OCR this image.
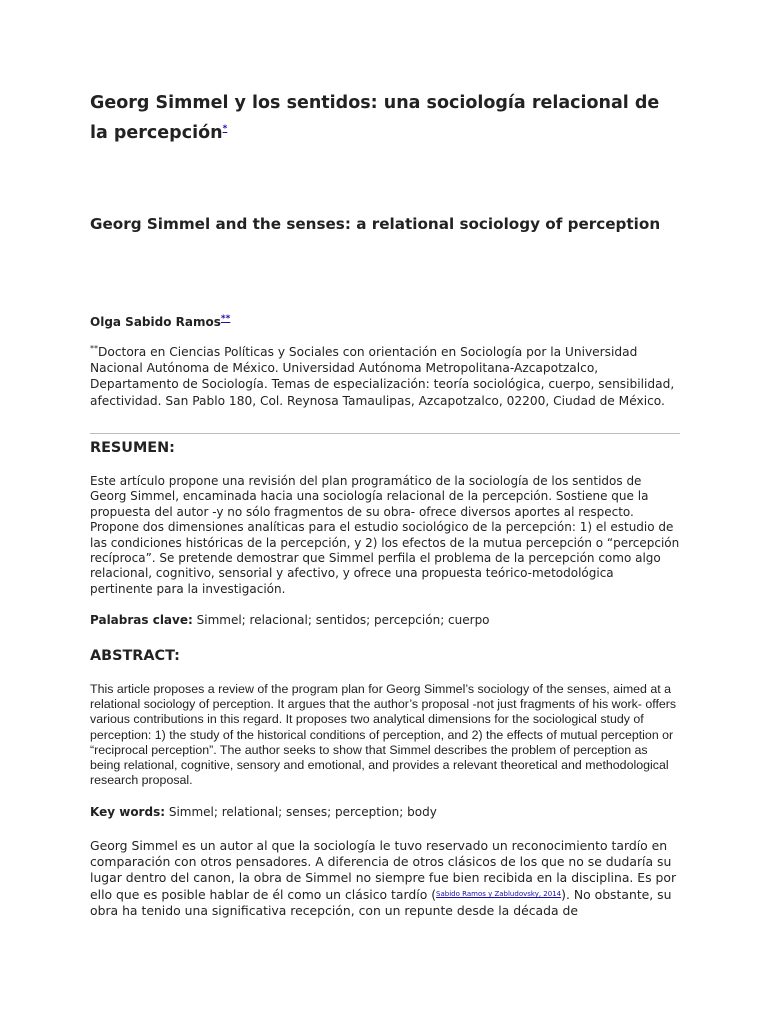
Georg Simmel y los sentidos: una sociología relacional de la percepción*
Georg Simmel and the senses: a relational sociology of perception

Olga Sabido Ramos**

**Doctora en Ciencias Políticas y Sociales con orientación en Sociología por la Universidad Nacional Autónoma de México. Universidad Autónoma Metropolitana-Azcapotzalco, Departamento de Sociología. Temas de especialización: teoría sociológica, cuerpo, sensibilidad, afectividad. San Pablo 180, Col. Reynosa Tamaulipas, Azcapotzalco, 02200, Ciudad de México.

RESUMEN:

Este artículo propone una revisión del plan programático de la sociología de los sentidos de Georg Simmel, encaminada hacia una sociología relacional de la percepción. Sostiene que la propuesta del autor -y no sólo fragmentos de su obra- ofrece diversos aportes al respecto. Propone dos dimensiones analíticas para el estudio sociológico de la percepción: 1) el estudio de las condiciones históricas de la percepción, y 2) los efectos de la mutua percepción o “percepción recíproca”. Se pretende demostrar que Simmel perfila el problema de la percepción como algo relacional, cognitivo, sensorial y afectivo, y ofrece una propuesta teórico-metodológica pertinente para la investigación.

Palabras clave: Simmel; relacional; sentidos; percepción; cuerpo

ABSTRACT:

This article proposes a review of the program plan for Georg Simmel’s sociology of the senses, aimed at a relational sociology of perception. It argues that the author’s proposal -not just fragments of his work- offers various contributions in this regard. It proposes two analytical dimensions for the sociological study of perception: 1) the study of the historical conditions of perception, and 2) the effects of mutual perception or “reciprocal perception”. The author seeks to show that Simmel describes the problem of perception as being relational, cognitive, sensory and emotional, and provides a relevant theoretical and methodological research proposal.

Key words: Simmel; relational; senses; perception; body

Georg Simmel es un autor al que la sociología le tuvo reservado un reconocimiento tardío en comparación con otros pensadores. A diferencia de otros clásicos de los que no se dudaría su lugar dentro del canon, la obra de Simmel no siempre fue bien recibida en la disciplina. Es por ello que es posible hablar de él como un clásico tardío ($^{Sabido Ramos y Zabludovsky, 2014}$). No obstante, su obra ha tenido una significativa recepción, con un repunte desde la década de
